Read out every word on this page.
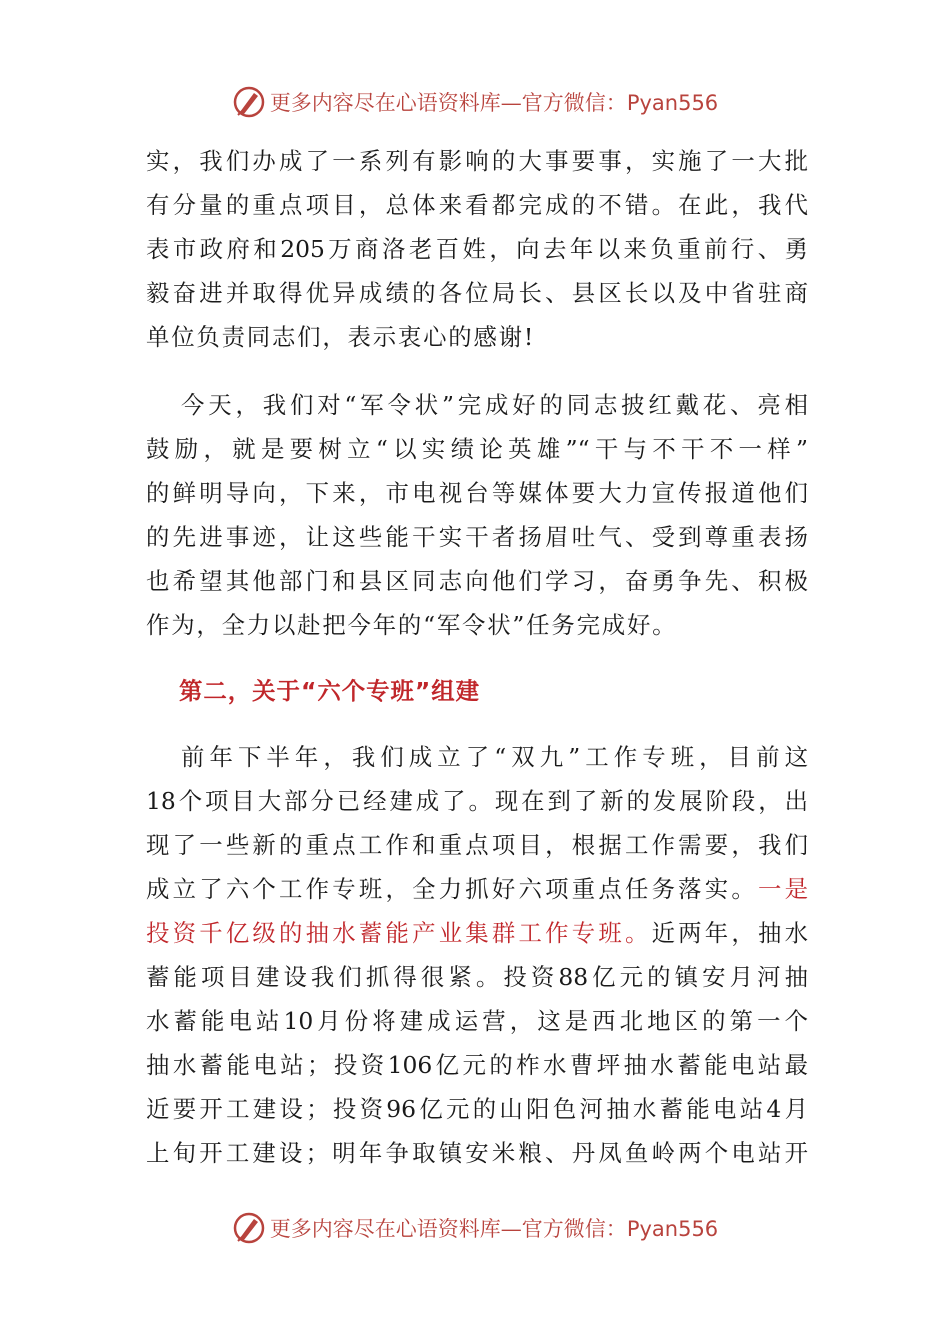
更多内容尽在心语资料库—官方微信：Pyan556
实，我们办成了一系列有影响的大事要事，实施了一大批
有分量的重点项目，总体来看都完成的不错。在此，我代
表市政府和205万商洛老百姓，向去年以来负重前行、勇
毅奋进并取得优异成绩的各位局长、县区长以及中省驻商
单位负责同志们，表示衷心的感谢!
今天，我们对“军令状”完成好的同志披红戴花、亮相
鼓励，就是要树立“以实绩论英雄”“干与不干不一样”
的鲜明导向，下来，市电视台等媒体要大力宣传报道他们
的先进事迹，让这些能干实干者扬眉吐气、受到尊重表扬
也希望其他部门和县区同志向他们学习，奋勇争先、积极
作为，全力以赴把今年的“军令状”任务完成好。
第二，关于“六个专班”组建
前年下半年，我们成立了“双九”工作专班，目前这
18个项目大部分已经建成了。现在到了新的发展阶段，出
现了一些新的重点工作和重点项目，根据工作需要，我们
成立了六个工作专班，全力抓好六项重点任务落实。一是
投资千亿级的抽水蓄能产业集群工作专班。近两年，抽水
蓄能项目建设我们抓得很紧。投资88亿元的镇安月河抽
水蓄能电站10月份将建成运营，这是西北地区的第一个
抽水蓄能电站；投资106亿元的柞水曹坪抽水蓄能电站最
近要开工建设；投资96亿元的山阳色河抽水蓄能电站4月
上旬开工建设；明年争取镇安米粮、丹凤鱼岭两个电站开
更多内容尽在心语资料库—官方微信：Pyan556
